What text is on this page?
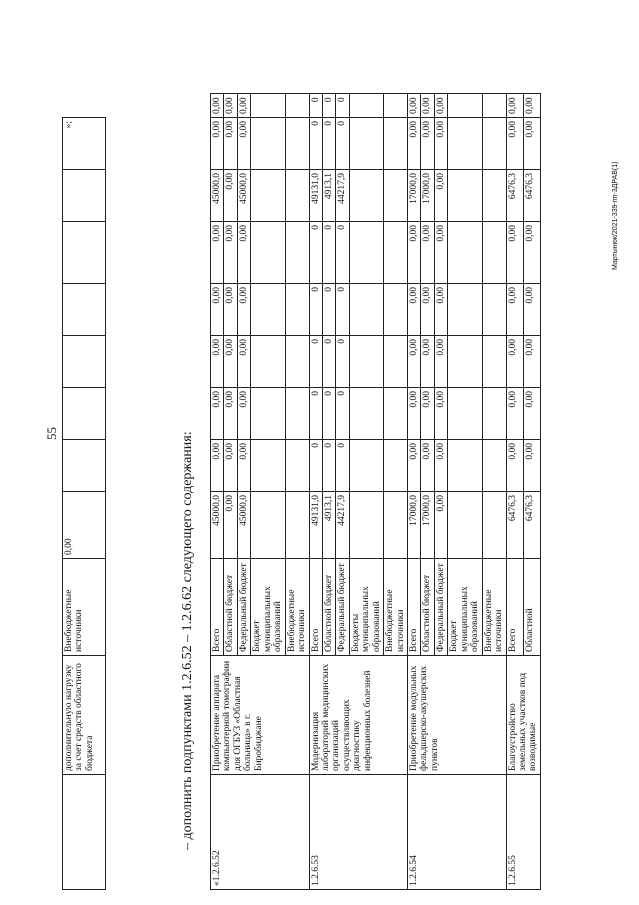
55
Мартынюк/2021-339-пп-3ДРАВ(1)
	дополнительную нагрузку за счет средств областного бюджета	Внебюджетные источники	0,00							»;
– дополнить подпунктами 1.2.6.52 – 1.2.6.62 следующего содержания:
«1.2.6.52	Приобретение аппарата компьютерной томографии для ОГБУЗ «Областная больница» в г. Биробиджане	Всего	45000,0	0,00	0,00	0,00	0,00	0,00	45000,0	0,00	0,00
		Областной бюджет	0,00	0,00	0,00	0,00	0,00	0,00	0,00	0,00	0,00
		Федеральный бюджет	45000,0	0,00	0,00	0,00	0,00	0,00	45000,0	0,00	0,00
		Бюджет муниципальных образований									
		Внебюджетные источники									
1.2.6.53	Модернизация лабораторий медицинских организаций осуществляющих диагностику инфекционных болезней	Всего	49131,0	0	0	0	0	0	49131,0	0	0
		Областной бюджет	4913,1	0	0	0	0	0	4913,1	0	0
		Федеральный бюджет	44217,9	0	0	0	0	0	44217,9	0	0
		Бюджеты муниципальных образований									
		Внебюджетные источники									
1.2.6.54	Приобретение модульных фельдшерско-акушерских пунктов	Всего	17000,0	0,00	0,00	0,00	0,00	0,00	17000,0	0,00	0,00
		Областной бюджет	17000,0	0,00	0,00	0,00	0,00	0,00	17000,0	0,00	0,00
		Федеральный бюджет	0,00	0,00	0,00	0,00	0,00	0,00	0,00	0,00	0,00
		Бюджет муниципальных образований									
		Внебюджетные источники									
1.2.6.55	Благоустройство земельных участков под возводимые	Всего	6476,3	0,00	0,00	0,00	0,00	0,00	6476,3	0,00	0,00
		Областной	6476,3	0,00	0,00	0,00	0,00	0,00	6476,3	0,00	0,00
